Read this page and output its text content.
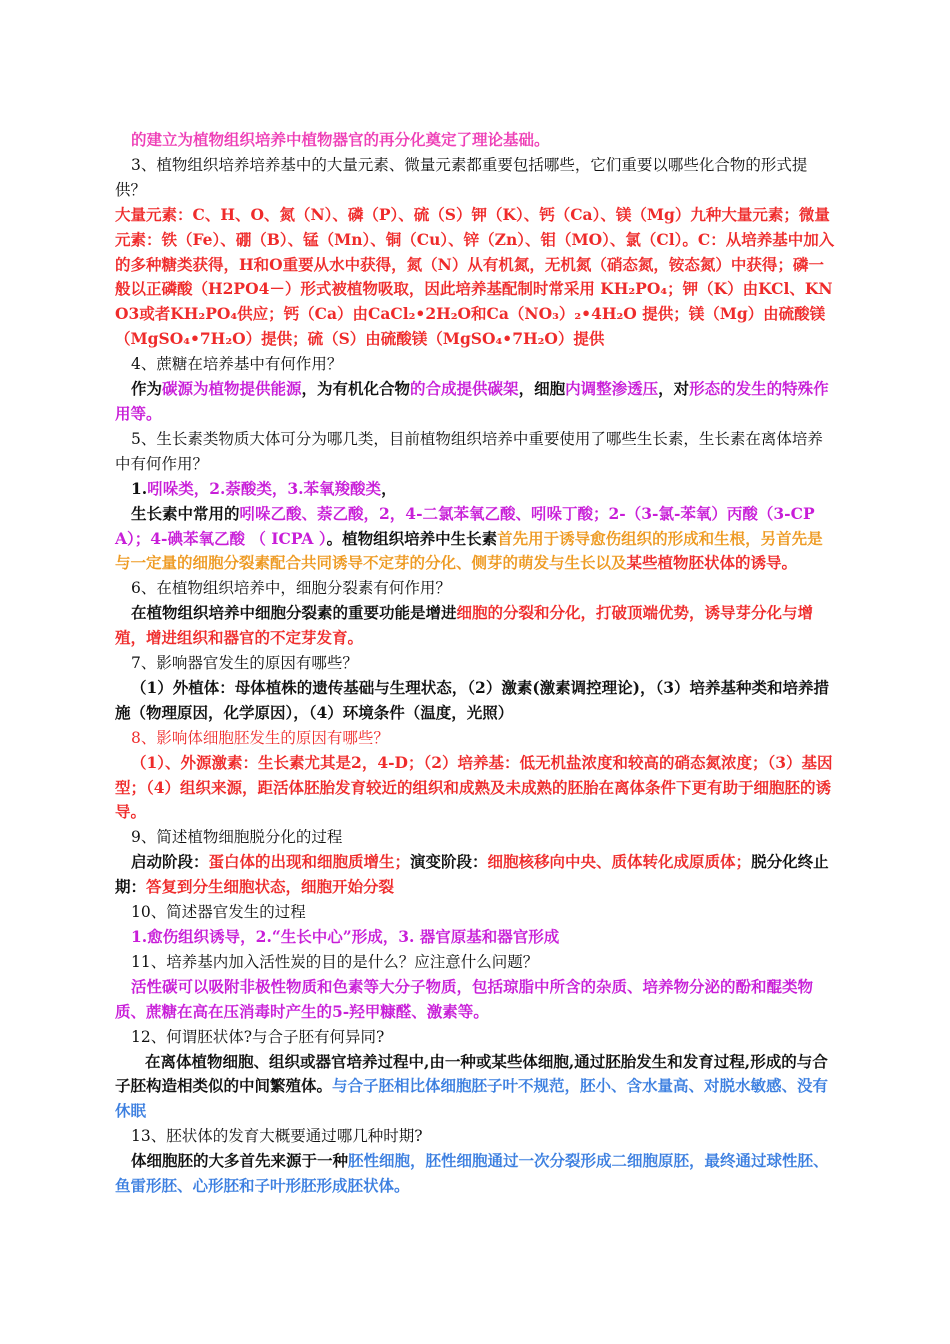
的建立为植物组织培养中植物器官的再分化奠定了理论基础。

3、植物组织培养培养基中的大量元素、微量元素都重要包括哪些，它们重要以哪些化合物的形式提供？

大量元素：C、H、O、氮（N）、磷（P）、硫（S）钾（K）、钙（Ca）、镁（Mg）九种大量元素；微量元素：铁（Fe）、硼（B）、锰（Mn）、铜（Cu）、锌（Zn）、钼（MO）、氯（Cl）。C：从培养基中加入的多种糖类获得，H和O重要从水中获得，氮（N）从有机氮，无机氮（硝态氮，铵态氮）中获得；磷一般以正磷酸（H2PO4－）形式被植物吸取，因此培养基配制时常采用 KH₂PO₄；钾（K）由KCl、KNO3或者KH₂PO₄供应；钙（Ca）由CaCl₂•2H₂O和Ca（NO₃）₂•4H₂O 提供；镁（Mg）由硫酸镁（MgSO₄•7H₂O）提供；硫（S）由硫酸镁（MgSO₄•7H₂O）提供

4、蔗糖在培养基中有何作用？

作为碳源为植物提供能源，为有机化合物的合成提供碳架，细胞内调整渗透压，对形态的发生的特殊作用等。

5、生长素类物质大体可分为哪几类，目前植物组织培养中重要使用了哪些生长素，生长素在离体培养中有何作用？

1.吲哚类，2.萘酸类，3.苯氧羧酸类，

生长素中常用的吲哚乙酸、萘乙酸，2，4-二氯苯氧乙酸、吲哚丁酸；2-（3-氯-苯氧）丙酸（3-CPA）；4-碘苯氧乙酸 （ ICPA ）。植物组织培养中生长素首先用于诱导愈伤组织的形成和生根，另首先是与一定量的细胞分裂素配合共同诱导不定芽的分化、侧芽的萌发与生长以及某些植物胚状体的诱导。

6、在植物组织培养中，细胞分裂素有何作用？

在植物组织培养中细胞分裂素的重要功能是增进细胞的分裂和分化，打破顶端优势，诱导芽分化与增殖，增进组织和器官的不定芽发育。

7、影响器官发生的原因有哪些？

（1）外植体：母体植株的遗传基础与生理状态，（2）激素(激素调控理论)，（3）培养基种类和培养措施（物理原因，化学原因），（4）环境条件（温度，光照）

8、影响体细胞胚发生的原因有哪些？

（1）、外源激素：生长素尤其是2，4-D；（2）培养基：低无机盐浓度和较高的硝态氮浓度；（3）基因型；（4）组织来源，距活体胚胎发育较近的组织和成熟及未成熟的胚胎在离体条件下更有助于细胞胚的诱导。

9、简述植物细胞脱分化的过程

启动阶段：蛋白体的出现和细胞质增生；演变阶段：细胞核移向中央、质体转化成原质体；脱分化终止期：答复到分生细胞状态，细胞开始分裂

10、简述器官发生的过程

1.愈伤组织诱导，2.“生长中心”形成，3. 器官原基和器官形成

11、培养基内加入活性炭的目的是什么？应注意什么问题？

活性碳可以吸附非极性物质和色素等大分子物质，包括琼脂中所含的杂质、培养物分泌的酚和醌类物质、蔗糖在高在压消毒时产生的5-羟甲糠醛、激素等。

12、何谓胚状体?与合子胚有何异同?

在离体植物细胞、组织或器官培养过程中,由一种或某些体细胞,通过胚胎发生和发育过程,形成的与合子胚构造相类似的中间繁殖体。与合子胚相比体细胞胚子叶不规范，胚小、含水量高、对脱水敏感、没有休眠

13、胚状体的发育大概要通过哪几种时期?

体细胞胚的大多首先来源于一种胚性细胞，胚性细胞通过一次分裂形成二细胞原胚，最终通过球性胚、鱼雷形胚、心形胚和子叶形胚形成胚状体。
